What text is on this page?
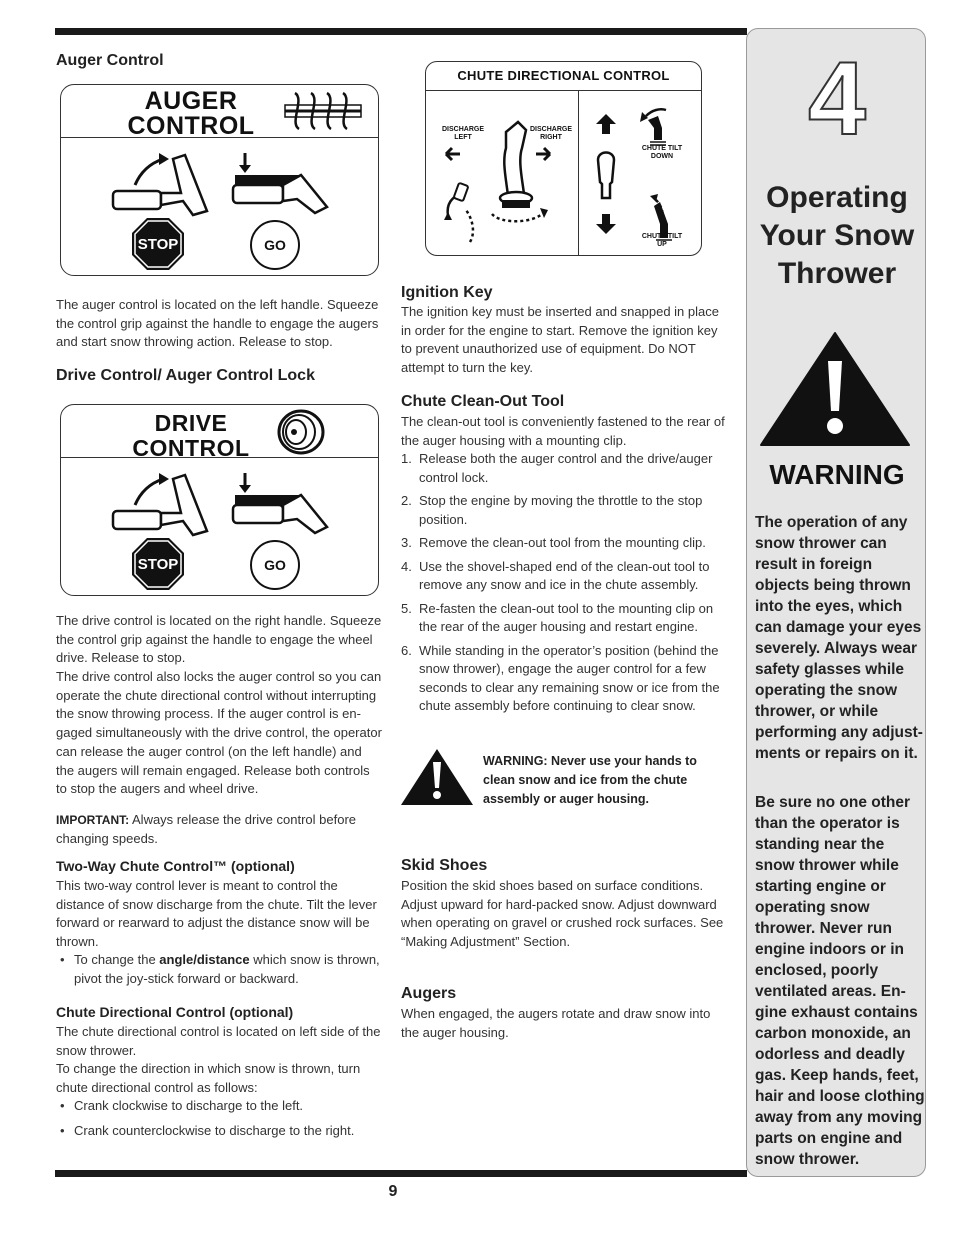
9
Auger Control
AUGER
CONTROL
STOP	GO

The auger control is located on the left handle. Squeeze the control grip against the handle to engage the augers and start snow throwing action. Release to stop.

Drive Control/ Auger Control Lock
DRIVE
CONTROL
STOP	GO

The drive control is located on the right handle. Squeeze the control grip against the handle to engage the wheel drive. Release to stop.

The drive control also locks the auger control so you can operate the chute directional control without interrupting the snow throwing process. If the auger control is en-gaged simultaneously with the drive control, the operator can release the auger control (on the left handle) and the augers will remain engaged. Release both controls to stop the augers and wheel drive.

IMPORTANT: Always release the drive control before changing speeds.

Two-Way Chute Control™ (optional)

This two-way control lever is meant to control the distance of snow discharge from the chute. Tilt the lever forward or rearward to adjust the distance snow will be thrown.

• To change the angle/distance which snow is thrown, pivot the joy-stick forward or backward.
Chute Directional Control (optional)

The chute directional control is located on left side of the snow thrower.

To change the direction in which snow is thrown, turn chute directional control as follows:

• Crank clockwise to discharge to the left.
• Crank counterclockwise to discharge to the right.
CHUTE DIRECTIONAL CONTROL
DISCHARGE
LEFT
DISCHARGE
RIGHT
CHUTE TILT
DOWN
CHUTE TILT
UP
Ignition Key

The ignition key must be inserted and snapped in place in order for the engine to start. Remove the ignition key to prevent unauthorized use of equipment. Do NOT attempt to turn the key.

Chute Clean-Out Tool

The clean-out tool is conveniently fastened to the rear of the auger housing with a mounting clip.

1. Release both the auger control and the drive/auger control lock.
2. Stop the engine by moving the throttle to the stop position.
3. Remove the clean-out tool from the mounting clip.
4. Use the shovel-shaped end of the clean-out tool to remove any snow and ice in the chute assembly.
5. Re-fasten the clean-out tool to the mounting clip on the rear of the auger housing and restart engine.
6. While standing in the operator’s position (behind the snow thrower), engage the auger control for a few seconds to clear any remaining snow or ice from the chute assembly before continuing to clear snow.
WARNING: Never use your hands to clean snow and ice from the chute assembly or auger housing.
Skid Shoes

Position the skid shoes based on surface conditions. Adjust upward for hard-packed snow. Adjust downward when operating on gravel or crushed rock surfaces. See “Making Adjustment” Section.

Augers

When engaged, the augers rotate and draw snow into the auger housing.

4
Operating
Your Snow
Thrower
WARNING
The operation of any snow thrower can result in foreign objects being thrown into the eyes, which can damage your eyes severely. Always wear safety glasses while operating the snow thrower, or while performing any adjust-ments or repairs on it.
Be sure no one other than the operator is standing near the snow thrower while starting engine or operating snow thrower. Never run engine indoors or in enclosed, poorly ventilated areas. En-gine exhaust contains carbon monoxide, an odorless and deadly gas. Keep hands, feet, hair and loose clothing away from any moving parts on engine and snow thrower.
